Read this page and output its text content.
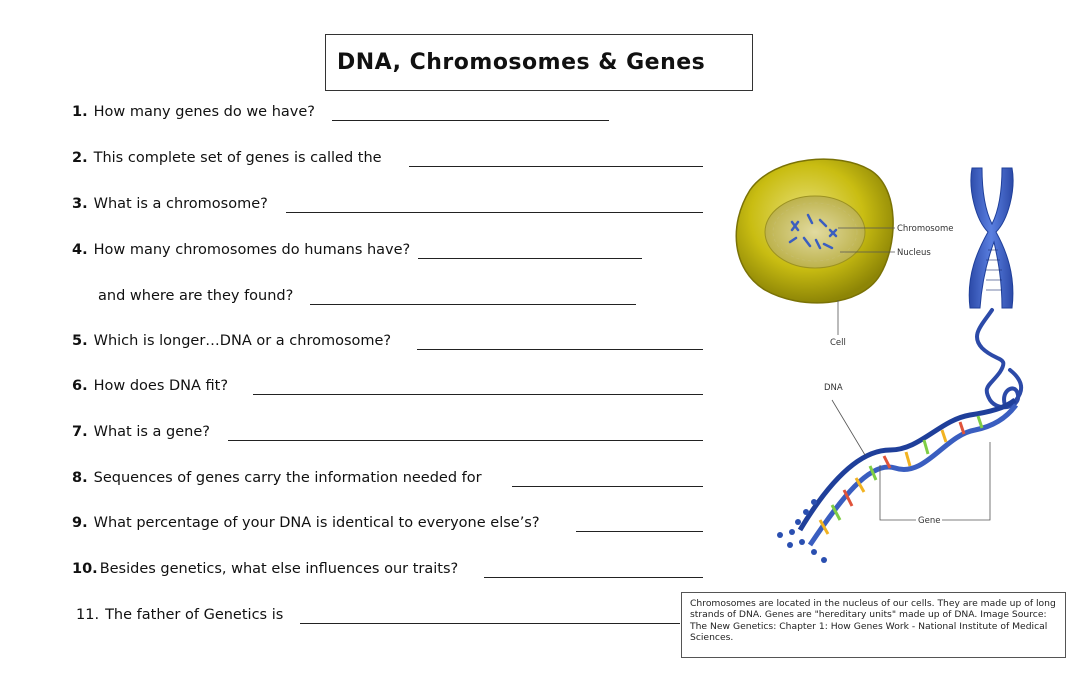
DNA, Chromosomes & Genes
1. How many genes do we have?
2. This complete set of genes is called the
3. What is a chromosome?
4. How many chromosomes do humans have?
and where are they found?
5. Which is longer…DNA or a chromosome?
6. How does DNA fit?
7. What is a gene?
8. Sequences of genes carry the information needed for
9. What percentage of your DNA is identical to everyone else’s?
10. Besides genetics, what else influences our traits?
11. The father of Genetics is
Chromosome
Nucleus
Cell
DNA
Gene
Chromosomes are located in the nucleus of our cells. They are made up of long strands of DNA. Genes are "hereditary units" made up of DNA. Image Source: The New Genetics: Chapter 1: How Genes Work - National Institute of Medical Sciences.
